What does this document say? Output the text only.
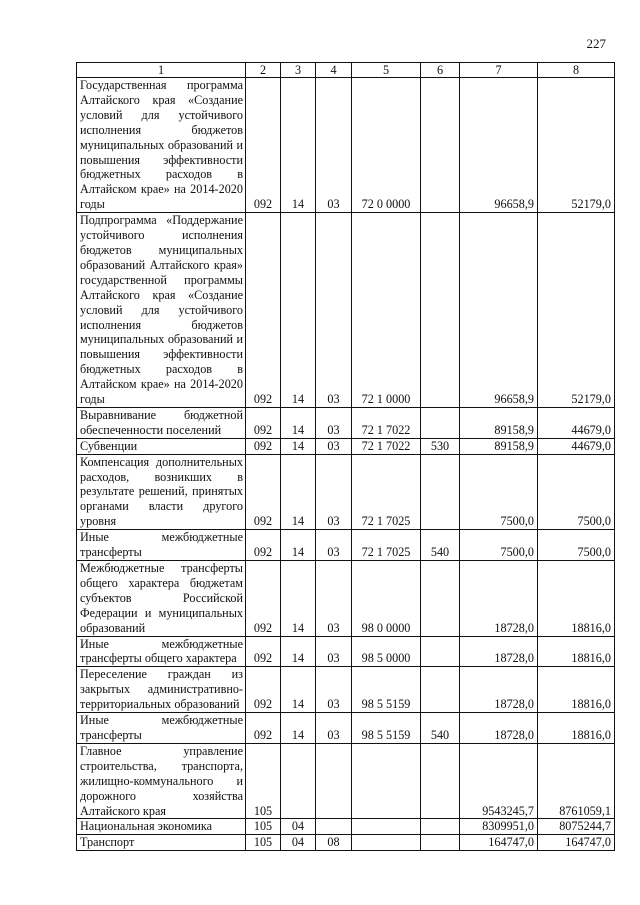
227
1	2	3	4	5	6	7	8
Государственная программа Алтайского края «Создание условий для устойчивого исполнения бюджетов муниципальных образований и повышения эффективности бюджетных расходов в Алтайском крае» на 2014-2020 годы	092	14	03	72 0 0000		96658,9	52179,0
Подпрограмма «Поддержание устойчивого исполнения бюджетов муниципальных образований Алтайского края» государственной программы Алтайского края «Создание условий для устойчивого исполнения бюджетов муниципальных образований и повышения эффективности бюджетных расходов в Алтайском крае» на 2014-2020 годы	092	14	03	72 1 0000		96658,9	52179,0
Выравнивание бюджетной обеспеченности поселений	092	14	03	72 1 7022		89158,9	44679,0
Субвенции	092	14	03	72 1 7022	530	89158,9	44679,0
Компенсация дополнительных расходов, возникших в результате решений, принятых органами власти другого уровня	092	14	03	72 1 7025		7500,0	7500,0
Иные межбюджетные трансферты	092	14	03	72 1 7025	540	7500,0	7500,0
Межбюджетные трансферты общего характера бюджетам субъектов Российской Федерации и муниципальных образований	092	14	03	98 0 0000		18728,0	18816,0
Иные межбюджетные трансферты общего характера	092	14	03	98 5 0000		18728,0	18816,0
Переселение граждан из закрытых административно-территориальных образований	092	14	03	98 5 5159		18728,0	18816,0
Иные межбюджетные трансферты	092	14	03	98 5 5159	540	18728,0	18816,0
Главное управление строительства, транспорта, жилищно-коммунального и дорожного хозяйства Алтайского края	105					9543245,7	8761059,1
Национальная экономика	105	04				8309951,0	8075244,7
Транспорт	105	04	08			164747,0	164747,0
